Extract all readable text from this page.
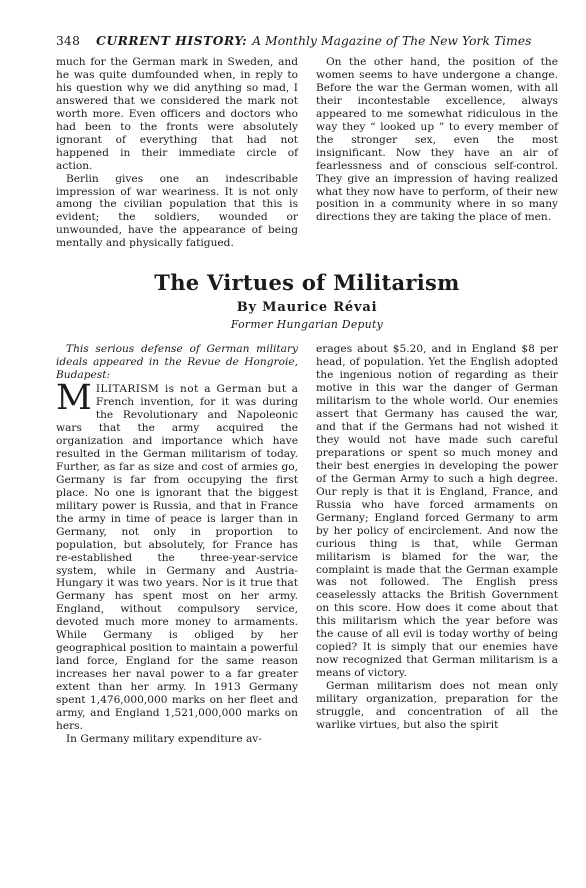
348 CURRENT HISTORY: A Monthly Magazine of The New York Times

much for the German mark in Sweden, and he was quite dumfounded when, in reply to his question why we did anything so mad, I answered that we considered the mark not worth more. Even officers and doctors who had been to the fronts were absolutely ignorant of everything that had not happened in their immediate circle of action.

Berlin gives one an indescribable impression of war weariness. It is not only among the civilian population that this is evident; the soldiers, wounded or unwounded, have the appearance of being mentally and physically fatigued.

On the other hand, the position of the women seems to have undergone a change. Before the war the German women, with all their incontestable excellence, always appeared to me somewhat ridiculous in the way they “ looked up ” to every member of the stronger sex, even the most insignificant. Now they have an air of fearlessness and of conscious self-control. They give an impression of having realized what they now have to perform, of their new position in a community where in so many directions they are taking the place of men.

The Virtues of Militarism
By Maurice Révai
Former Hungarian Deputy

This serious defense of German military ideals appeared in the Revue de Hongroie, Budapest:

M ILITARISM is not a German but a French invention, for it was during the Revolutionary and Napoleonic wars that the army acquired the organization and importance which have resulted in the German militarism of today. Further, as far as size and cost of armies go, Germany is far from occupying the first place. No one is ignorant that the biggest military power is Russia, and that in France the army in time of peace is larger than in Germany, not only in proportion to population, but absolutely, for France has re-established the three-year-service system, while in Germany and Austria-Hungary it was two years. Nor is it true that Germany has spent most on her army. England, without compulsory service, devoted much more money to armaments. While Germany is obliged by her geographical position to maintain a powerful land force, England for the same reason increases her naval power to a far greater extent than her army. In 1913 Germany spent 1,476,000,000 marks on her fleet and army, and England 1,521,000,000 marks on hers.

In Germany military expenditure av-

erages about $5.20, and in England $8 per head, of population. Yet the English adopted the ingenious notion of regarding as their motive in this war the danger of German militarism to the whole world. Our enemies assert that Germany has caused the war, and that if the Germans had not wished it they would not have made such careful preparations or spent so much money and their best energies in developing the power of the German Army to such a high degree. Our reply is that it is England, France, and Russia who have forced armaments on Germany; England forced Germany to arm by her policy of encirclement. And now the curious thing is that, while German militarism is blamed for the war, the complaint is made that the German example was not followed. The English press ceaselessly attacks the British Government on this score. How does it come about that this militarism which the year before was the cause of all evil is today worthy of being copied? It is simply that our enemies have now recognized that German militarism is a means of victory.

German militarism does not mean only military organization, preparation for the struggle, and concentration of all the warlike virtues, but also the spirit
